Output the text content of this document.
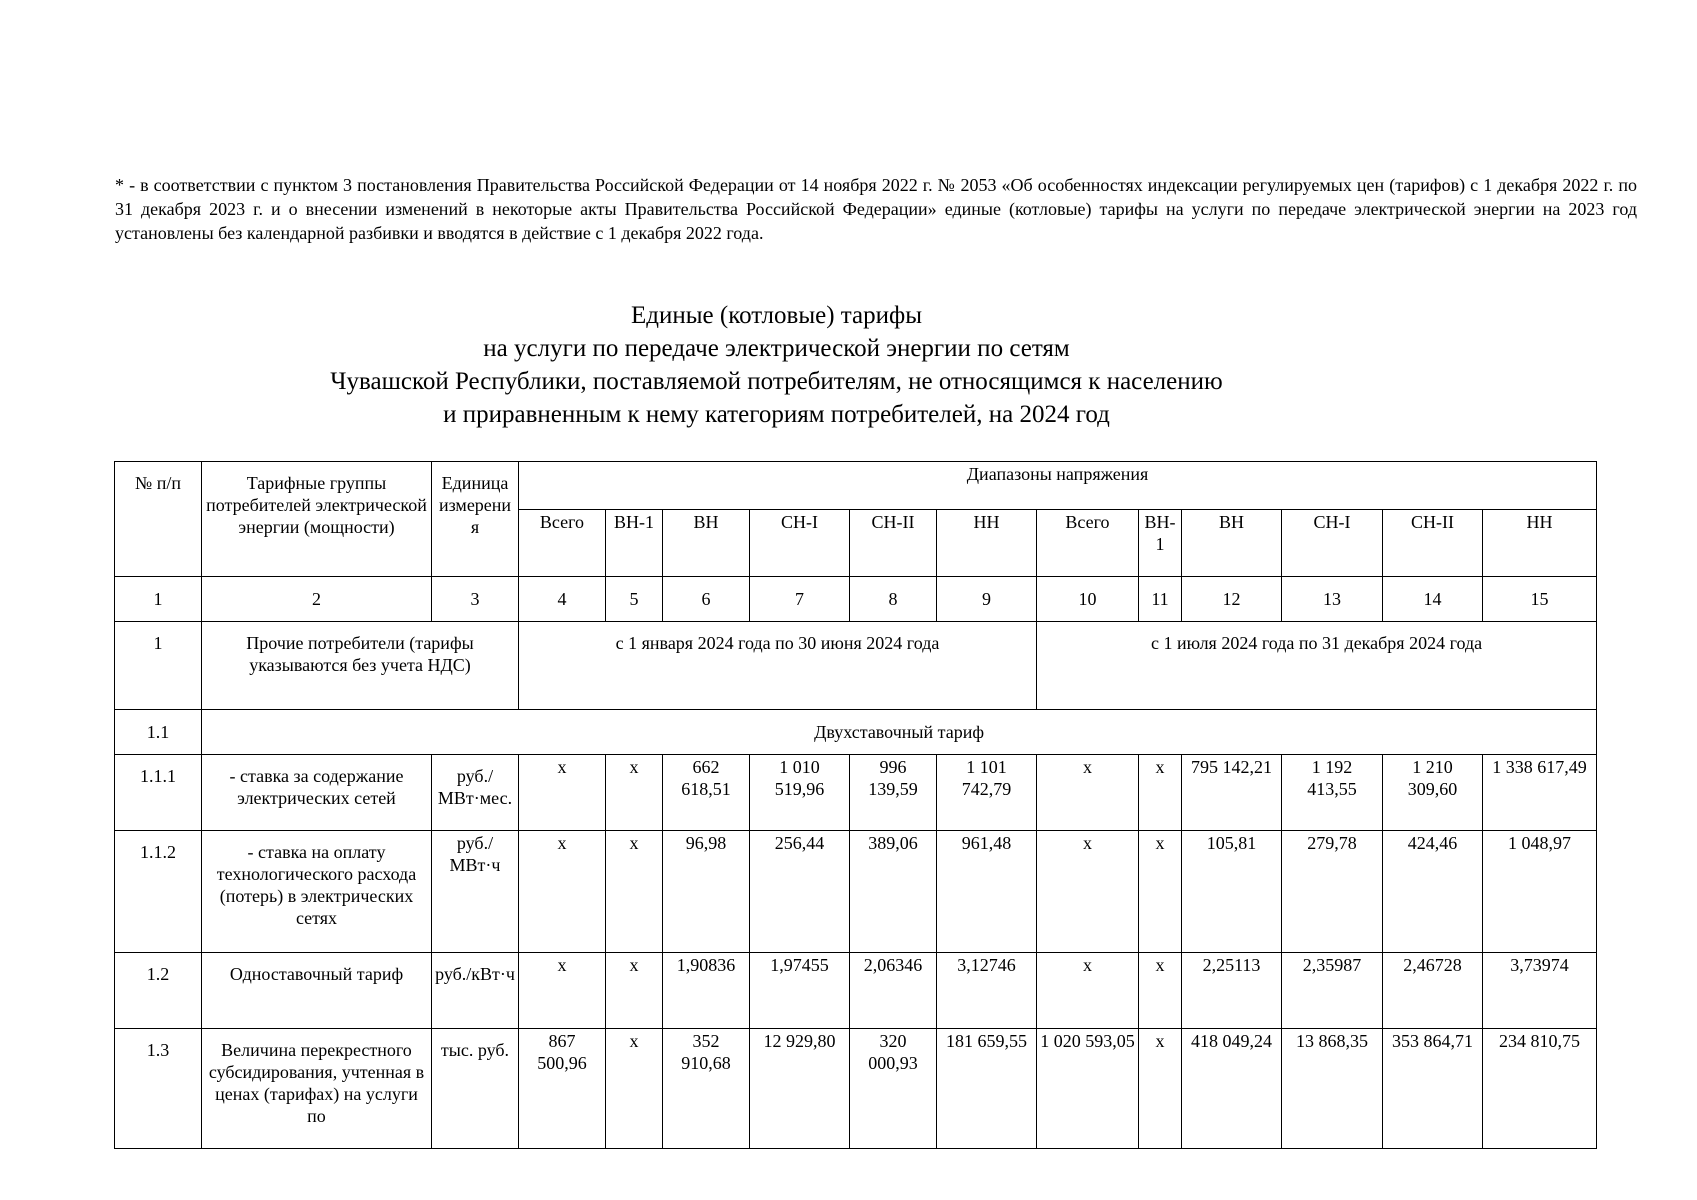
* - в соответствии с пунктом 3 постановления Правительства Российской Федерации от 14 ноября 2022 г. № 2053 «Об особенностях индексации регулируемых цен (тарифов) с 1 декабря 2022 г. по 31 декабря 2023 г. и о внесении изменений в некоторые акты Правительства Российской Федерации» единые (котловые) тарифы на услуги по передаче электрической энергии на 2023 год установлены без календарной разбивки и вводятся в действие с 1 декабря 2022 года.
Единые (котловые) тарифы
на услуги по передаче электрической энергии по сетям
Чувашской Республики, поставляемой потребителям, не относящимся к населению
и приравненным к нему категориям потребителей, на 2024 год
№ п/п	Тарифные группы потребителей электрической энергии (мощности)	Единица измерения	Диапазоны напряжения											
			Всего	ВН-1	ВН	СН-I	СН-II	НН	Всего	ВН-1	ВН	СН-I	СН-II	НН
1	2	3	4	5	6	7	8	9	10	11	12	13	14	15
1	Прочие потребители (тарифы указываются без учета НДС)		с 1 января 2024 года по 30 июня 2024 года						с 1 июля 2024 года по 31 декабря 2024 года					
1.1	Двухставочный тариф													
1.1.1	- ставка за содержание электрических сетей	руб./МВт·мес.	х	х	662 618,51	1 010 519,96	996 139,59	1 101 742,79	х	х	795 142,21	1 192 413,55	1 210 309,60	1 338 617,49
1.1.2	- ставка на оплату технологического расхода (потерь) в электрических сетях	руб./МВт·ч	х	х	96,98	256,44	389,06	961,48	х	х	105,81	279,78	424,46	1 048,97
1.2	Одноставочный тариф	руб./кВт·ч	х	х	1,90836	1,97455	2,06346	3,12746	х	х	2,25113	2,35987	2,46728	3,73974
1.3	Величина перекрестного субсидирования, учтенная в ценах (тарифах) на услуги по	тыс. руб.	867 500,96	х	352 910,68	12 929,80	320 000,93	181 659,55	1 020 593,05	х	418 049,24	13 868,35	353 864,71	234 810,75
